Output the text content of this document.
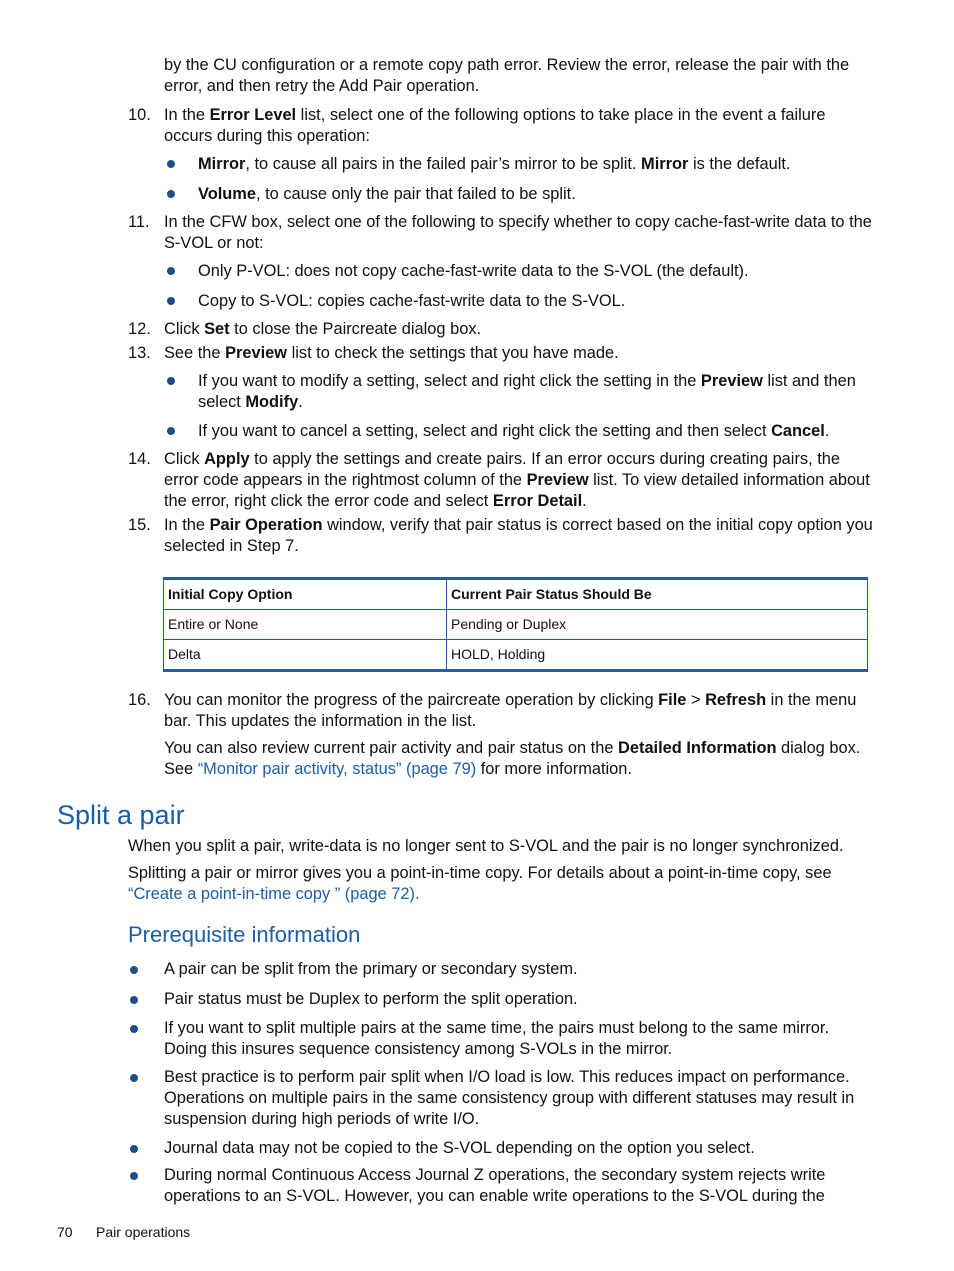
by the CU configuration or a remote copy path error. Review the error, release the pair with the error, and then retry the Add Pair operation.
10. In the Error Level list, select one of the following options to take place in the event a failure occurs during this operation:
Mirror, to cause all pairs in the failed pair’s mirror to be split. Mirror is the default.
Volume, to cause only the pair that failed to be split.
11. In the CFW box, select one of the following to specify whether to copy cache-fast-write data to the S-VOL or not:
Only P-VOL: does not copy cache-fast-write data to the S-VOL (the default).
Copy to S-VOL: copies cache-fast-write data to the S-VOL.
12. Click Set to close the Paircreate dialog box.
13. See the Preview list to check the settings that you have made.
If you want to modify a setting, select and right click the setting in the Preview list and then select Modify.
If you want to cancel a setting, select and right click the setting and then select Cancel.
14. Click Apply to apply the settings and create pairs. If an error occurs during creating pairs, the error code appears in the rightmost column of the Preview list. To view detailed information about the error, right click the error code and select Error Detail.
15. In the Pair Operation window, verify that pair status is correct based on the initial copy option you selected in Step 7.
Initial Copy Option	Current Pair Status Should Be
Entire or None	Pending or Duplex
Delta	HOLD, Holding
16. You can monitor the progress of the paircreate operation by clicking File > Refresh in the menu bar. This updates the information in the list.
You can also review current pair activity and pair status on the Detailed Information dialog box. See “Monitor pair activity, status” (page 79) for more information.
Split a pair
When you split a pair, write-data is no longer sent to S-VOL and the pair is no longer synchronized.
Splitting a pair or mirror gives you a point-in-time copy. For details about a point-in-time copy, see “Create a point-in-time copy ” (page 72).
Prerequisite information
A pair can be split from the primary or secondary system.
Pair status must be Duplex to perform the split operation.
If you want to split multiple pairs at the same time, the pairs must belong to the same mirror. Doing this insures sequence consistency among S-VOLs in the mirror.
Best practice is to perform pair split when I/O load is low. This reduces impact on performance. Operations on multiple pairs in the same consistency group with different statuses may result in suspension during high periods of write I/O.
Journal data may not be copied to the S-VOL depending on the option you select.
During normal Continuous Access Journal Z operations, the secondary system rejects write operations to an S-VOL. However, you can enable write operations to the S-VOL during the
70 Pair operations
